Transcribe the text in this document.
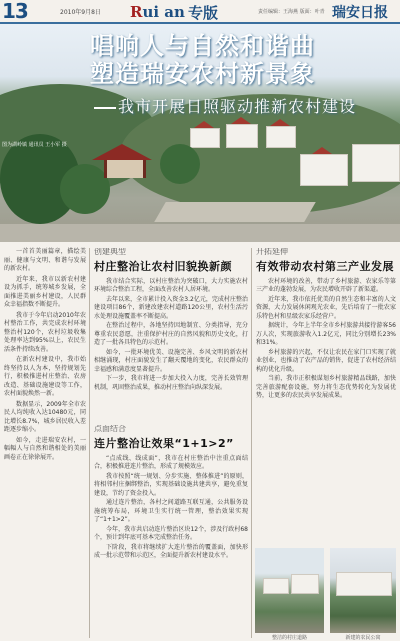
13	2010年9月8日 Rui an 专版	责任编辑：王海燕 版面：叶青 瑞安日报
唱响人与自然和谐曲
塑造瑞安农村新景象
我市开展日照驱动推新农村建设
图为湖岭镇 通讯员 王小军 摄

一首首美丽篇章，描绘美丽、健康与文明、和谐与发展的新农村。

近年来，我市以新农村建设为抓手，统筹城乡发展，全面推进美丽乡村建设，人民群众幸福指数不断提升。

我市于今年启动2010年农村整治工作，共完成农村环境整治村120个，农村垃圾收集处理率达到95%以上，农民生活条件持续改善。

在新农村建设中，我市始终坚持以人为本，坚持规划先行，积极推进村庄整治、农房改造、基础设施建设等工作，农村面貌焕然一新。

数据显示，2009年全市农民人均纯收入达10480元，同比增长8.7%，城乡居民收入差距逐步缩小。

如今，走进瑞安农村，一幅幅人与自然和谐相处的美丽画卷正在徐徐展开。

创建典型
村庄整治让农村旧貌换新颜

我市结合实际，以村庄整治为突破口，大力实施农村环境综合整治工程，全面改善农村人居环境。

去年以来，全市累计投入资金3.2亿元，完成村庄整治建设项目86个，新建改建农村道路120公里，农村生活污水处理设施覆盖率不断提高。

在整治过程中，各地坚持因地制宜、分类指导，充分尊重农民意愿，注重保护村庄的自然风貌和历史文化，打造了一批各具特色的示范村。

如今，一批环境优美、设施完善、乡风文明的新农村相继涌现，村庄面貌发生了翻天覆地的变化，农民群众的幸福感和满意度显著提升。

下一步，我市将进一步加大投入力度，完善长效管理机制，巩固整治成果，推动村庄整治向纵深发展。

点面结合
连片整治让效果“1+1>2”

“点成线、线成面”，我市在村庄整治中注重点面结合，积极推进连片整治，形成了规模效应。

我市按照“统一规划、分步实施、整体推进”的原则，将相邻村庄捆绑整治，实现基础设施共建共享，避免重复建设，节约了资金投入。

通过连片整治，各村之间道路互联互通，公共服务设施统筹布局，环境卫生实行统一管理，整治效果实现了“1+1>2”。

今年，我市共启动连片整治区块12个，涉及行政村68个，预计到年底可基本完成整治任务。

下阶段，我市将继续扩大连片整治的覆盖面，加快形成一批示范带和示范区，全面提升新农村建设水平。

开拓延伸
有效带动农村第三产业发展

农村环境的改善，带动了乡村旅游、农家乐等第三产业的蓬勃发展，为农民增收开辟了新渠道。

近年来，我市依托优美的自然生态和丰富的人文资源，大力发展休闲观光农业，先后培育了一批农家乐特色村和星级农家乐经营户。

据统计，今年上半年全市乡村旅游共接待游客56万人次，实现旅游收入1.2亿元，同比分别增长23%和31%。

乡村旅游的兴起，不仅让农民在家门口实现了就业创业，也推动了农产品的销售，促进了农村经济结构的优化升级。

当前，我市正积极谋划乡村旅游精品线路，加快完善旅游配套设施，努力将生态优势转化为发展优势，让更多的农民共享发展成果。

整洁的村庄道路	新建的农民公寓
